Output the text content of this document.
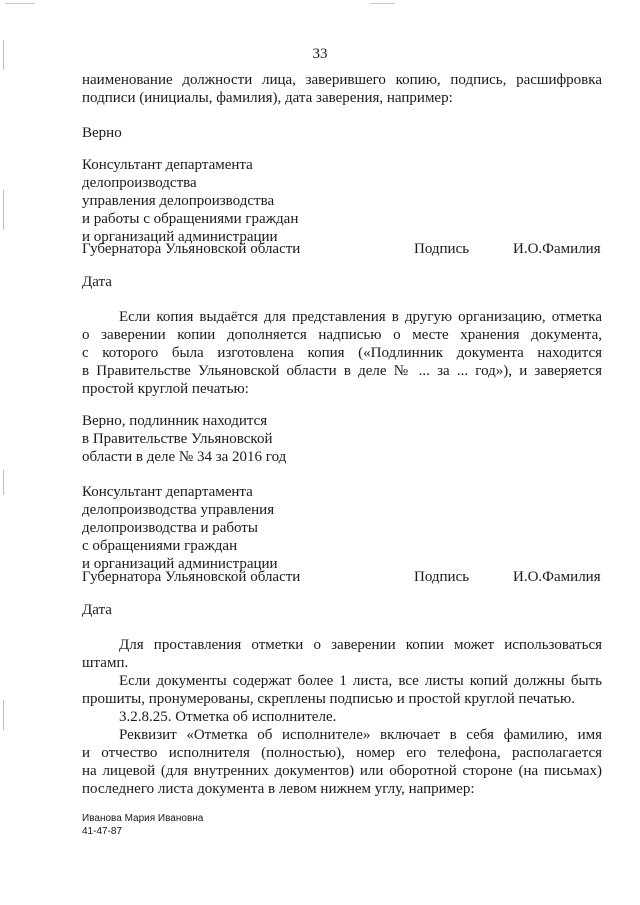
33
наименование должности лица, заверившего копию, подпись, расшифровка
подписи (инициалы, фамилия), дата заверения, например:
Верно
Консультант департамента
делопроизводства
управления делопроизводства
и работы с обращениями граждан
и организаций администрации
Губернатора Ульяновской области	Подпись	И.О.Фамилия
Дата
Если копия выдаётся для представления в другую организацию, отметка
о заверении копии дополняется надписью о месте хранения документа,
с которого была изготовлена копия («Подлинник документа находится
в Правительстве Ульяновской области в деле № ... за ... год»), и заверяется
простой круглой печатью:
Верно, подлинник находится
в Правительстве Ульяновской
области в деле № 34 за 2016 год
Консультант департамента
делопроизводства управления
делопроизводства и работы
с обращениями граждан
и организаций администрации
Губернатора Ульяновской области	Подпись	И.О.Фамилия
Дата
Для проставления отметки о заверении копии может использоваться
штамп.
Если документы содержат более 1 листа, все листы копий должны быть
прошиты, пронумерованы, скреплены подписью и простой круглой печатью.
3.2.8.25. Отметка об исполнителе.
Реквизит «Отметка об исполнителе» включает в себя фамилию, имя
и отчество исполнителя (полностью), номер его телефона, располагается
на лицевой (для внутренних документов) или оборотной стороне (на письмах)
последнего листа документа в левом нижнем углу, например:
Иванова Мария Ивановна
41-47-87
